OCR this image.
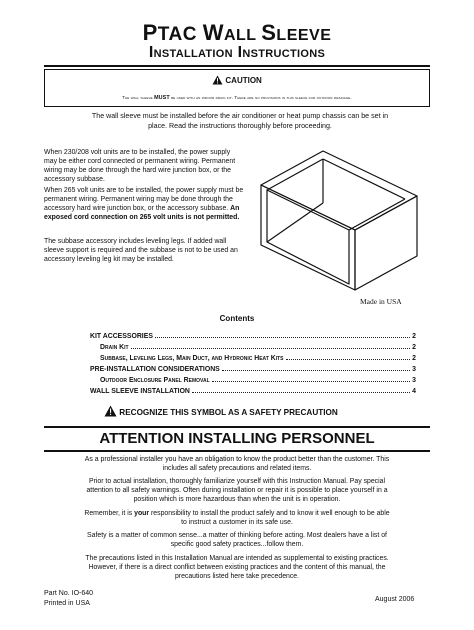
PTAC WALL SLEEVE
Installation Instructions
CAUTION
The wall sleeve MUST be used with an indoor drain kit. There are no provisions in this sleeve for outdoor drainage.
The wall sleeve must be installed before the air conditioner or heat pump chassis can be set in place. Read the instructions thoroughly before proceeding.
When 230/208 volt units are to be installed, the power supply may be either cord connected or permanent wiring. Permanent wiring may be done through the hard wire junction box, or the accessory subbase.
When 265 volt units are to be installed, the power supply must be permanent wiring. Permanent wiring may be done through the accessory hard wire junction box, or the accessory subbase. An exposed cord connection on 265 volt units is not permitted.
The subbase accessory includes leveling legs. If added wall sleeve support is required and the subbase is not to be used an accessory leveling leg kit may be installed.
Made in USA
Contents
KIT ACCESSORIES	2
Drain Kit	2
Subbase, Leveling Legs, Main Duct, and Hydronic Heat Kits	2
PRE-INSTALLATION CONSIDERATIONS	3
Outdoor Enclosure Panel Removal	3
WALL SLEEVE INSTALLATION	4
RECOGNIZE THIS SYMBOL AS A SAFETY PRECAUTION
ATTENTION INSTALLING PERSONNEL
As a professional installer you have an obligation to know the product better than the customer. This includes all safety precautions and related items.
Prior to actual installation, thoroughly familiarize yourself with this Instruction Manual. Pay special attention to all safety warnings. Often during installation or repair it is possible to place yourself in a position which is more hazardous than when the unit is in operation.
Remember, it is your responsibility to install the product safely and to know it well enough to be able to instruct a customer in its safe use.
Safety is a matter of common sense...a matter of thinking before acting. Most dealers have a list of specific good safety practices...follow them.
The precautions listed in this Installation Manual are intended as supplemental to existing practices. However, if there is a direct conflict between existing practices and the content of this manual, the precautions listed here take precedence.
Part No. IO-640
Printed in USA	August 2006
